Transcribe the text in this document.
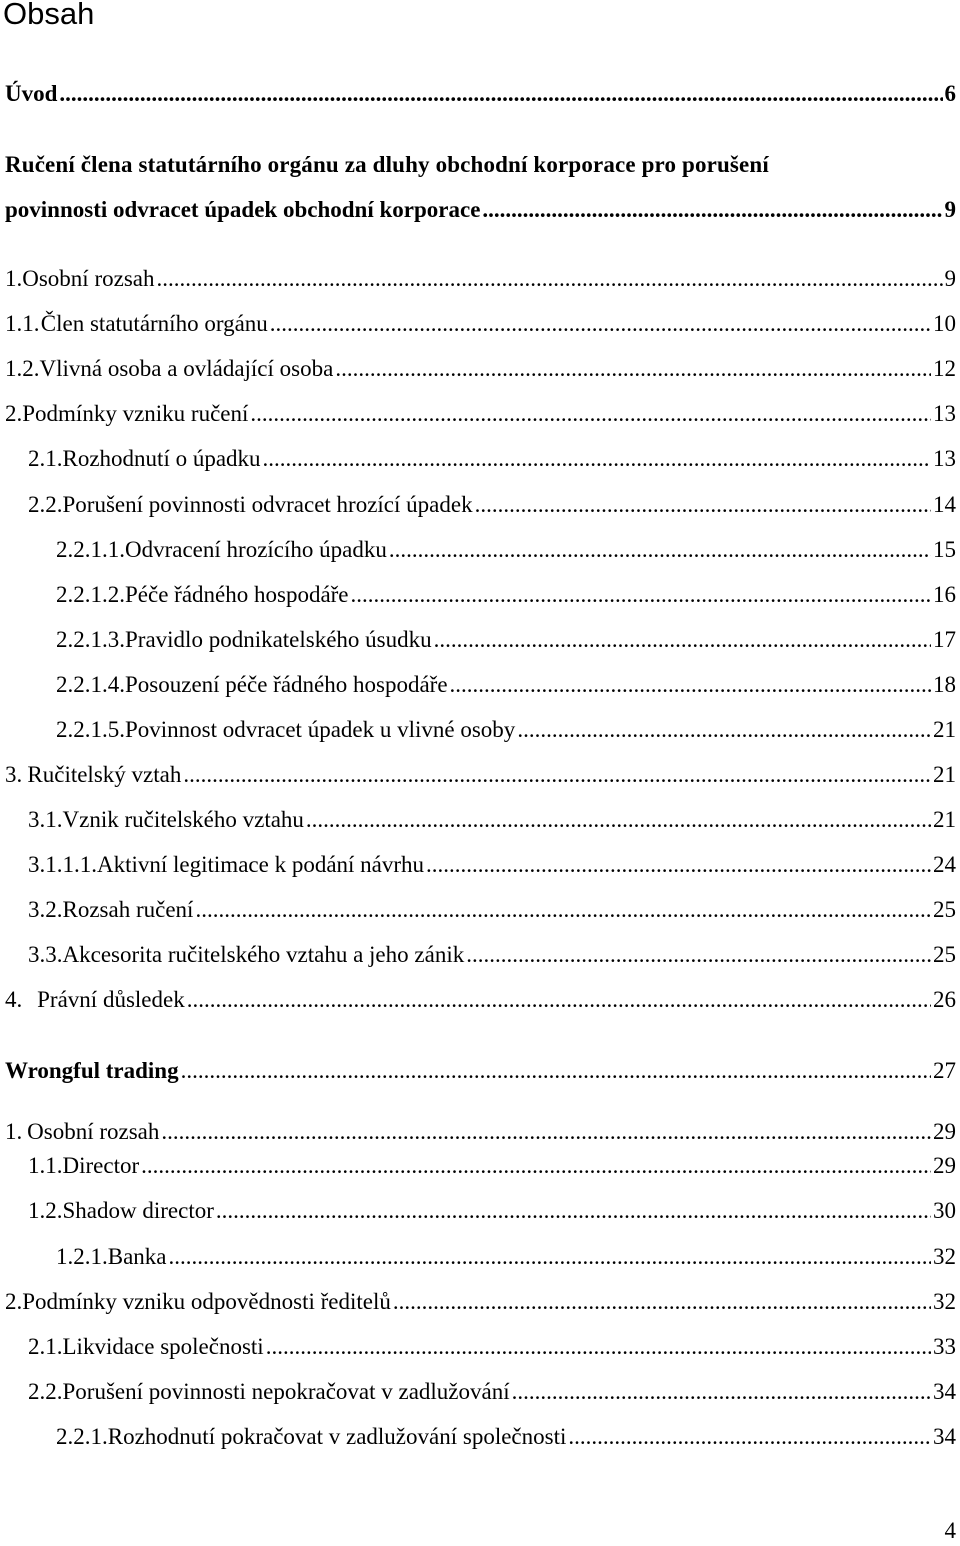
Obsah
Úvod .....	6
Ručení člena statutárního orgánu za dluhy obchodní korporace pro porušení
povinnosti odvracet úpadek obchodní korporace .....	9
1. Osobní rozsah .....	9
1.1. Člen statutárního orgánu .....	10
1.2. Vlivná osoba a ovládající osoba .....	12
2. Podmínky vzniku ručení .....	13
2.1. Rozhodnutí o úpadku .....	13
2.2. Porušení povinnosti odvracet hrozící úpadek .....	14
2.2.1.1. Odvracení hrozícího úpadku .....	15
2.2.1.2. Péče řádného hospodáře .....	16
2.2.1.3. Pravidlo podnikatelského úsudku .....	17
2.2.1.4. Posouzení péče řádného hospodáře .....	18
2.2.1.5. Povinnost odvracet úpadek u vlivné osoby .....	21
3. Ručitelský vztah .....	21
3.1. Vznik ručitelského vztahu .....	21
3.1.1.1. Aktivní legitimace k podání návrhu .....	24
3.2. Rozsah ručení .....	25
3.3. Akcesorita ručitelského vztahu a jeho zánik .....	25
4. Právní důsledek .....	26
Wrongful trading .....	27
1. Osobní rozsah .....	29
1.1. Director .....	29
1.2. Shadow director .....	30
1.2.1. Banka .....	32
2. Podmínky vzniku odpovědnosti ředitelů .....	32
2.1. Likvidace společnosti .....	33
2.2. Porušení povinnosti nepokračovat v zadlužování .....	34
2.2.1. Rozhodnutí pokračovat v zadlužování společnosti .....	34
4
